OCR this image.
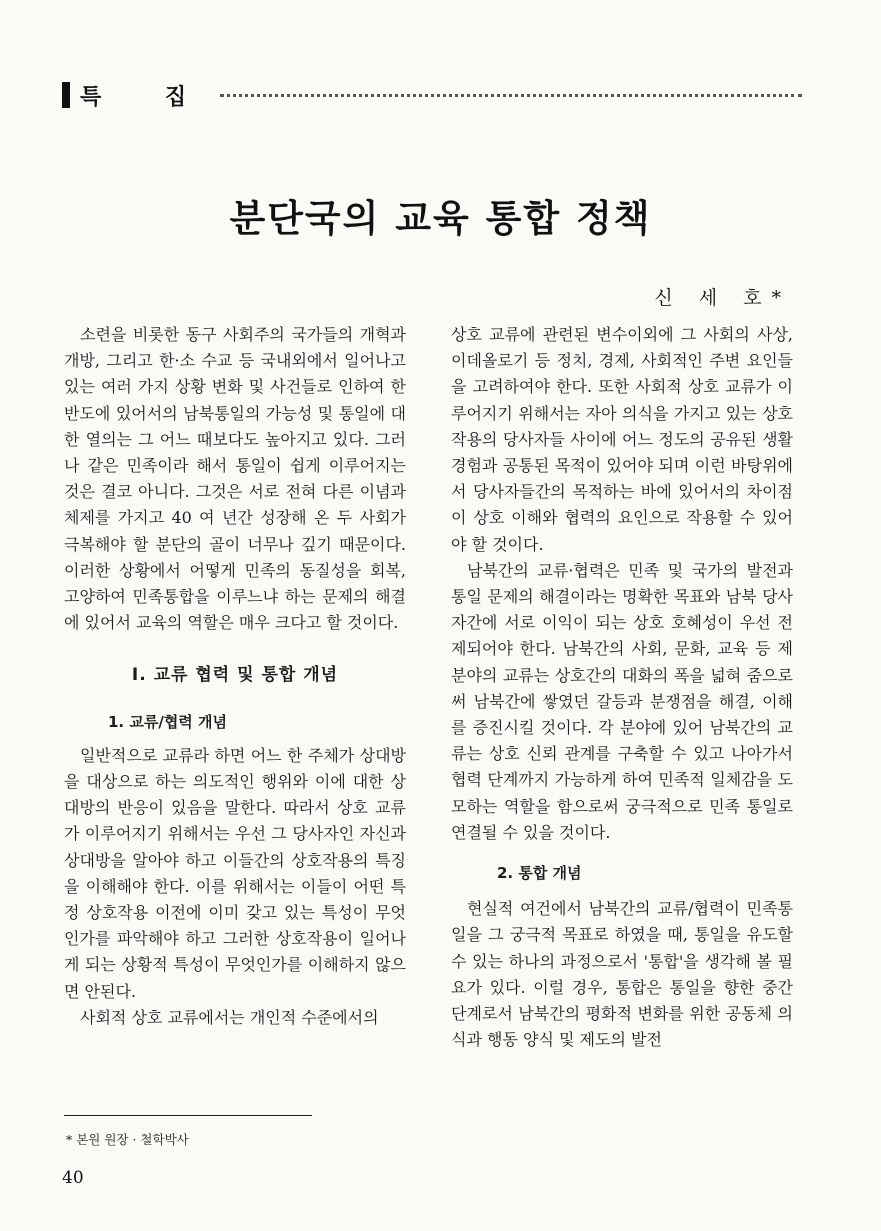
특 집
분단국의 교육 통합 정책
신 세 호*

소련을 비롯한 동구 사회주의 국가들의 개혁과 개방, 그리고 한·소 수교 등 국내외에서 일어나고 있는 여러 가지 상황 변화 및 사건들로 인하여 한반도에 있어서의 남북통일의 가능성 및 통일에 대한 열의는 그 어느 때보다도 높아지고 있다. 그러나 같은 민족이라 해서 통일이 쉽게 이루어지는 것은 결코 아니다. 그것은 서로 전혀 다른 이념과 체제를 가지고 40 여 년간 성장해 온 두 사회가 극복해야 할 분단의 골이 너무나 깊기 때문이다. 이러한 상황에서 어떻게 민족의 동질성을 회복, 고양하여 민족통합을 이루느냐 하는 문제의 해결에 있어서 교육의 역할은 매우 크다고 할 것이다.

Ⅰ. 교류 협력 및 통합 개념
1. 교류/협력 개념

일반적으로 교류라 하면 어느 한 주체가 상대방을 대상으로 하는 의도적인 행위와 이에 대한 상대방의 반응이 있음을 말한다. 따라서 상호 교류가 이루어지기 위해서는 우선 그 당사자인 자신과 상대방을 알아야 하고 이들간의 상호작용의 특징을 이해해야 한다. 이를 위해서는 이들이 어떤 특정 상호작용 이전에 이미 갖고 있는 특성이 무엇인가를 파악해야 하고 그러한 상호작용이 일어나게 되는 상황적 특성이 무엇인가를 이해하지 않으면 안된다.

사회적 상호 교류에서는 개인적 수준에서의

상호 교류에 관련된 변수이외에 그 사회의 사상, 이데올로기 등 정치, 경제, 사회적인 주변 요인들을 고려하여야 한다. 또한 사회적 상호 교류가 이루어지기 위해서는 자아 의식을 가지고 있는 상호작용의 당사자들 사이에 어느 정도의 공유된 생활 경험과 공통된 목적이 있어야 되며 이런 바탕위에서 당사자들간의 목적하는 바에 있어서의 차이점이 상호 이해와 협력의 요인으로 작용할 수 있어야 할 것이다.

남북간의 교류·협력은 민족 및 국가의 발전과 통일 문제의 해결이라는 명확한 목표와 남북 당사자간에 서로 이익이 되는 상호 호혜성이 우선 전제되어야 한다. 남북간의 사회, 문화, 교육 등 제 분야의 교류는 상호간의 대화의 폭을 넓혀 줌으로써 남북간에 쌓였던 갈등과 분쟁점을 해결, 이해를 증진시킬 것이다. 각 분야에 있어 남북간의 교류는 상호 신뢰 관계를 구축할 수 있고 나아가서 협력 단계까지 가능하게 하여 민족적 일체감을 도모하는 역할을 함으로써 궁극적으로 민족 통일로 연결될 수 있을 것이다.

2. 통합 개념

현실적 여건에서 남북간의 교류/협력이 민족통일을 그 궁극적 목표로 하였을 때, 통일을 유도할 수 있는 하나의 과정으로서 '통합'을 생각해 볼 필요가 있다. 이럴 경우, 통합은 통일을 향한 중간 단계로서 남북간의 평화적 변화를 위한 공동체 의식과 행동 양식 및 제도의 발전

* 본원 원장 · 철학박사
40
